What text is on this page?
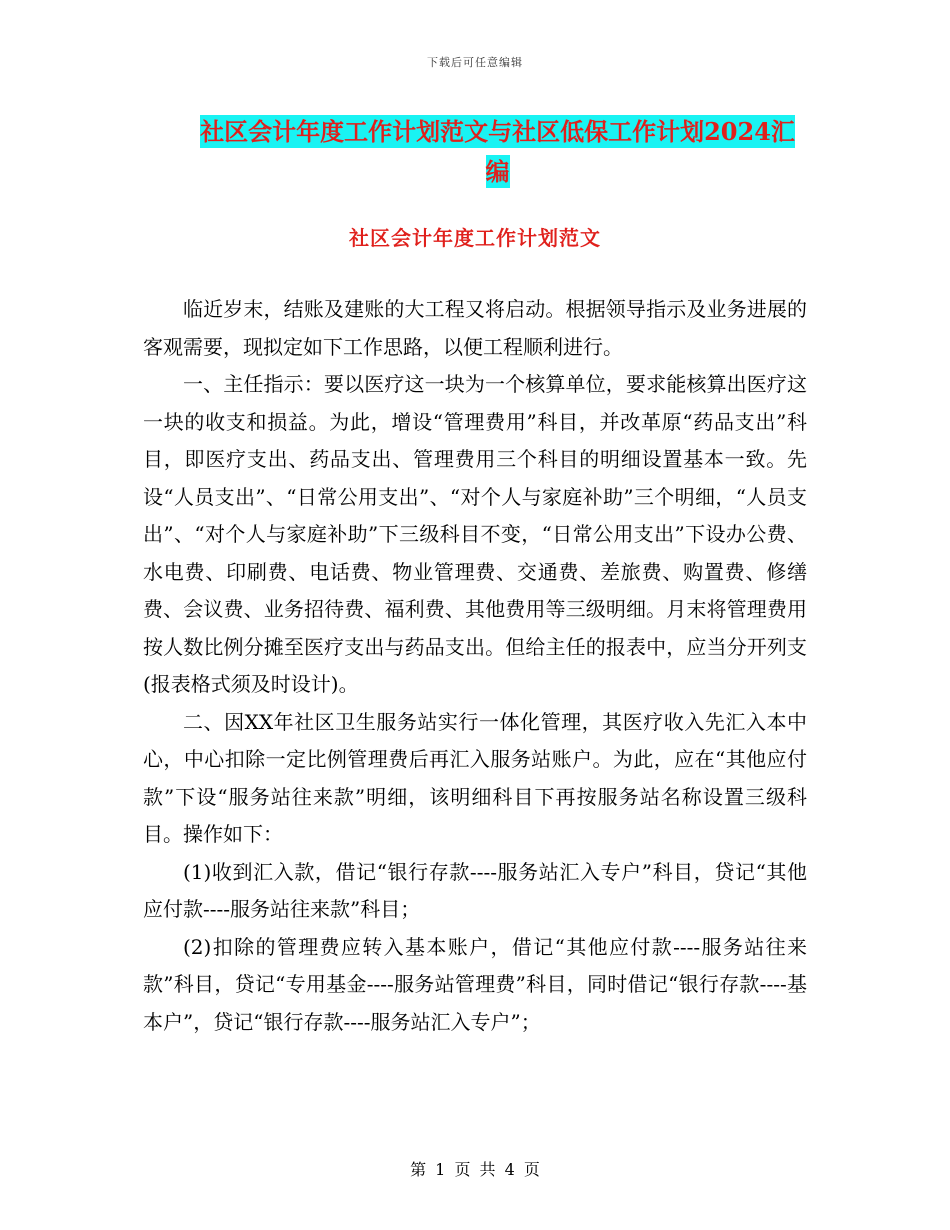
下载后可任意编辑
社区会计年度工作计划范文与社区低保工作计划2024汇编
社区会计年度工作计划范文

临近岁末，结账及建账的大工程又将启动。根据领导指示及业务进展的客观需要，现拟定如下工作思路，以便工程顺利进行。

一、主任指示：要以医疗这一块为一个核算单位，要求能核算出医疗这一块的收支和损益。为此，增设“管理费用”科目，并改革原“药品支出”科目，即医疗支出、药品支出、管理费用三个科目的明细设置基本一致。先设“人员支出”、“日常公用支出”、“对个人与家庭补助”三个明细，“人员支出”、“对个人与家庭补助”下三级科目不变，“日常公用支出”下设办公费、水电费、印刷费、电话费、物业管理费、交通费、差旅费、购置费、修缮费、会议费、业务招待费、福利费、其他费用等三级明细。月末将管理费用按人数比例分摊至医疗支出与药品支出。但给主任的报表中，应当分开列支(报表格式须及时设计)。

二、因XX年社区卫生服务站实行一体化管理，其医疗收入先汇入本中心，中心扣除一定比例管理费后再汇入服务站账户。为此，应在“其他应付款”下设“服务站往来款”明细，该明细科目下再按服务站名称设置三级科目。操作如下：

(1)收到汇入款，借记“银行存款----服务站汇入专户”科目，贷记“其他应付款----服务站往来款”科目；

(2)扣除的管理费应转入基本账户，借记“其他应付款----服务站往来款”科目，贷记“专用基金----服务站管理费”科目，同时借记“银行存款----基本户”，贷记“银行存款----服务站汇入专户”；

第 1 页 共 4 页
